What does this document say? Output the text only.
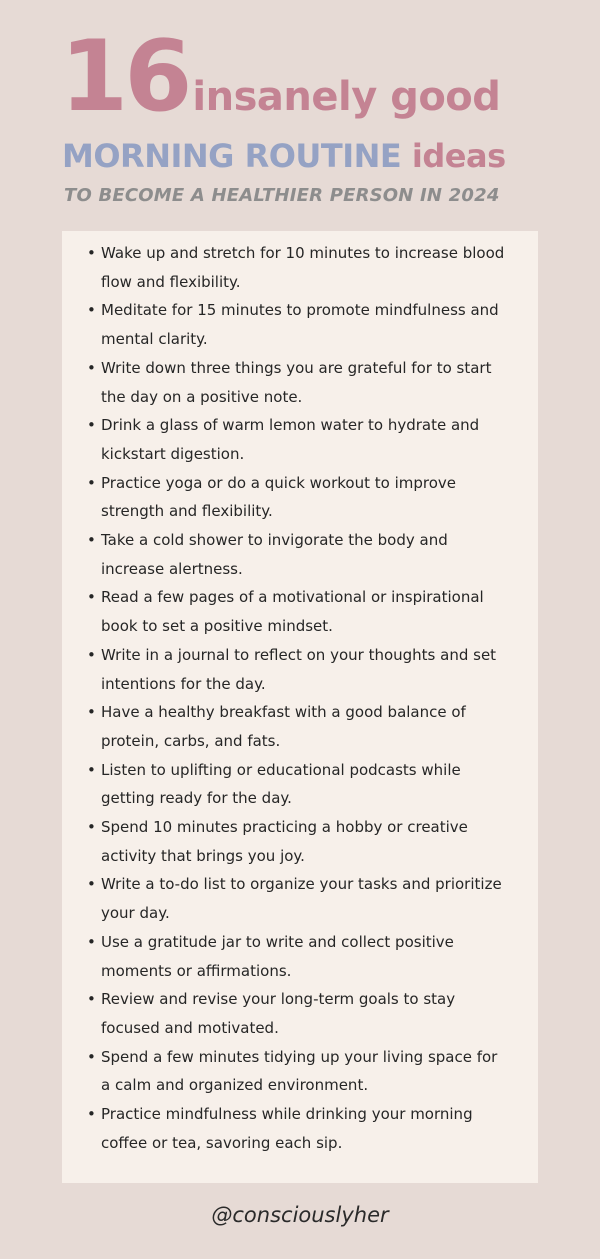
16 insanely good
MORNING ROUTINE ideas
TO BECOME A HEALTHIER PERSON IN 2024
• Wake up and stretch for 10 minutes to increase blood flow and flexibility.
• Meditate for 15 minutes to promote mindfulness and mental clarity.
• Write down three things you are grateful for to start the day on a positive note.
• Drink a glass of warm lemon water to hydrate and kickstart digestion.
• Practice yoga or do a quick workout to improve strength and flexibility.
• Take a cold shower to invigorate the body and increase alertness.
• Read a few pages of a motivational or inspirational book to set a positive mindset.
• Write in a journal to reflect on your thoughts and set intentions for the day.
• Have a healthy breakfast with a good balance of protein, carbs, and fats.
• Listen to uplifting or educational podcasts while getting ready for the day.
• Spend 10 minutes practicing a hobby or creative activity that brings you joy.
• Write a to-do list to organize your tasks and prioritize your day.
• Use a gratitude jar to write and collect positive moments or affirmations.
• Review and revise your long-term goals to stay focused and motivated.
• Spend a few minutes tidying up your living space for a calm and organized environment.
• Practice mindfulness while drinking your morning coffee or tea, savoring each sip.
@consciouslyher
